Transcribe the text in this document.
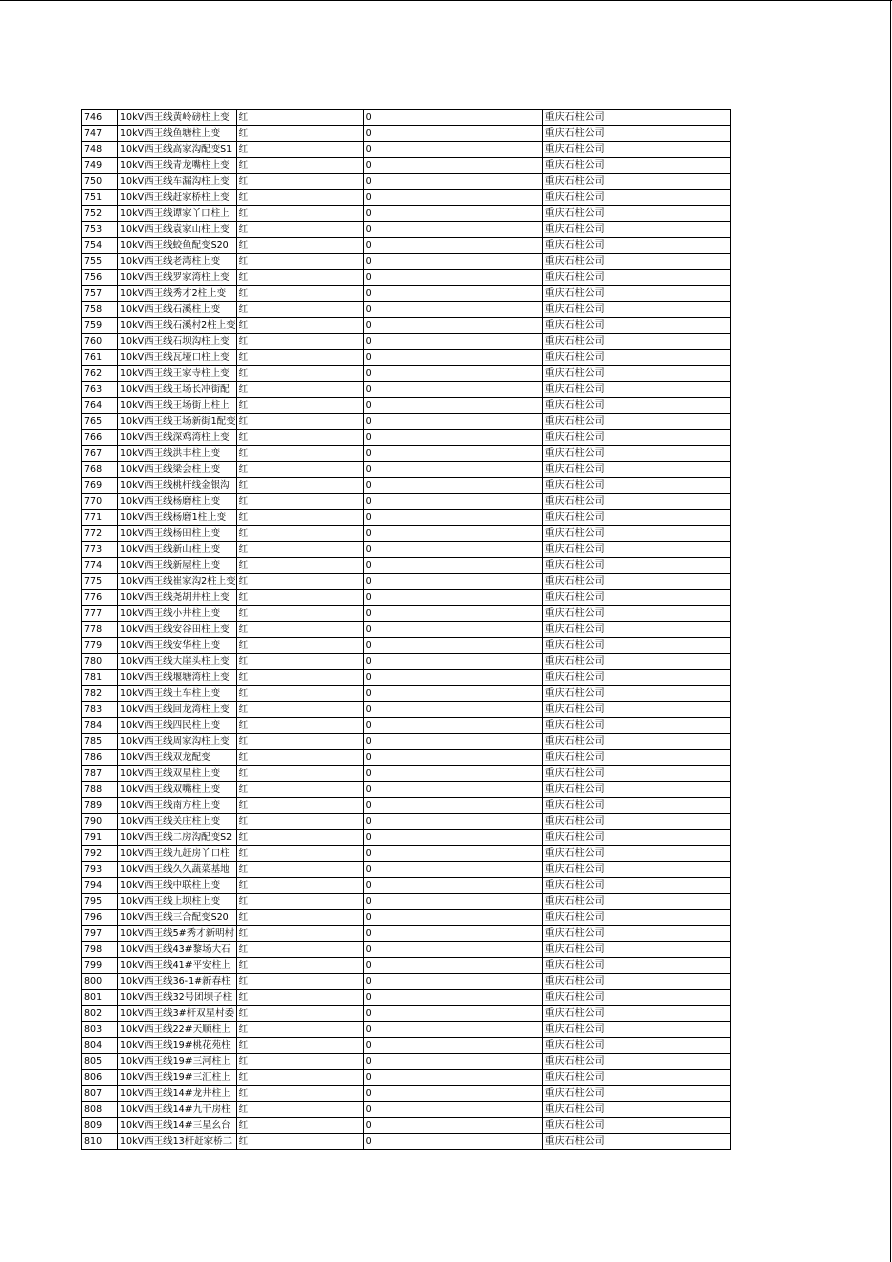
746	10kV西王线黄岭磅柱上变	红	0	重庆石柱公司
747	10kV西王线鱼塘柱上变	红	0	重庆石柱公司
748	10kV西王线高家沟配变S1	红	0	重庆石柱公司
749	10kV西王线青龙嘴柱上变	红	0	重庆石柱公司
750	10kV西王线车漏沟柱上变	红	0	重庆石柱公司
751	10kV西王线赶家桥柱上变	红	0	重庆石柱公司
752	10kV西王线谭家丫口柱上	红	0	重庆石柱公司
753	10kV西王线袁家山柱上变	红	0	重庆石柱公司
754	10kV西王线蛟鱼配变S20	红	0	重庆石柱公司
755	10kV西王线老湾柱上变	红	0	重庆石柱公司
756	10kV西王线罗家湾柱上变	红	0	重庆石柱公司
757	10kV西王线秀才2柱上变	红	0	重庆石柱公司
758	10kV西王线石溪柱上变	红	0	重庆石柱公司
759	10kV西王线石溪村2柱上变	红	0	重庆石柱公司
760	10kV西王线石坝沟柱上变	红	0	重庆石柱公司
761	10kV西王线瓦垭口柱上变	红	0	重庆石柱公司
762	10kV西王线王家寺柱上变	红	0	重庆石柱公司
763	10kV西王线王场长冲街配	红	0	重庆石柱公司
764	10kV西王线王场街上柱上	红	0	重庆石柱公司
765	10kV西王线王场新街1配变	红	0	重庆石柱公司
766	10kV西王线深鸡湾柱上变	红	0	重庆石柱公司
767	10kV西王线洪丰柱上变	红	0	重庆石柱公司
768	10kV西王线梁会柱上变	红	0	重庆石柱公司
769	10kV西王线桃杆线金银沟	红	0	重庆石柱公司
770	10kV西王线杨磨柱上变	红	0	重庆石柱公司
771	10kV西王线杨磨1柱上变	红	0	重庆石柱公司
772	10kV西王线杨田柱上变	红	0	重庆石柱公司
773	10kV西王线新山柱上变	红	0	重庆石柱公司
774	10kV西王线新屋柱上变	红	0	重庆石柱公司
775	10kV西王线崔家沟2柱上变	红	0	重庆石柱公司
776	10kV西王线尧胡井柱上变	红	0	重庆石柱公司
777	10kV西王线小井柱上变	红	0	重庆石柱公司
778	10kV西王线安谷田柱上变	红	0	重庆石柱公司
779	10kV西王线安华柱上变	红	0	重庆石柱公司
780	10kV西王线大崖头柱上变	红	0	重庆石柱公司
781	10kV西王线堰塘湾柱上变	红	0	重庆石柱公司
782	10kV西王线土车柱上变	红	0	重庆石柱公司
783	10kV西王线回龙湾柱上变	红	0	重庆石柱公司
784	10kV西王线四民柱上变	红	0	重庆石柱公司
785	10kV西王线周家沟柱上变	红	0	重庆石柱公司
786	10kV西王线双龙配变	红	0	重庆石柱公司
787	10kV西王线双星柱上变	红	0	重庆石柱公司
788	10kV西王线双嘴柱上变	红	0	重庆石柱公司
789	10kV西王线南方柱上变	红	0	重庆石柱公司
790	10kV西王线关庄柱上变	红	0	重庆石柱公司
791	10kV西王线二房沟配变S2	红	0	重庆石柱公司
792	10kV西王线九赶房丫口柱	红	0	重庆石柱公司
793	10kV西王线久久蔬菜基地	红	0	重庆石柱公司
794	10kV西王线中联柱上变	红	0	重庆石柱公司
795	10kV西王线上坝柱上变	红	0	重庆石柱公司
796	10kV西王线三合配变S20	红	0	重庆石柱公司
797	10kV西王线5#秀才新明村	红	0	重庆石柱公司
798	10kV西王线43#黎场大石	红	0	重庆石柱公司
799	10kV西王线41#平安柱上	红	0	重庆石柱公司
800	10kV西王线36-1#新春柱	红	0	重庆石柱公司
801	10kV西王线32号团坝子柱	红	0	重庆石柱公司
802	10kV西王线3#杆双星村委	红	0	重庆石柱公司
803	10kV西王线22#天顺柱上	红	0	重庆石柱公司
804	10kV西王线19#桃花苑柱	红	0	重庆石柱公司
805	10kV西王线19#三河柱上	红	0	重庆石柱公司
806	10kV西王线19#三汇柱上	红	0	重庆石柱公司
807	10kV西王线14#龙井柱上	红	0	重庆石柱公司
808	10kV西王线14#九干房柱	红	0	重庆石柱公司
809	10kV西王线14#三星幺台	红	0	重庆石柱公司
810	10kV西王线13杆赶家桥二	红	0	重庆石柱公司
